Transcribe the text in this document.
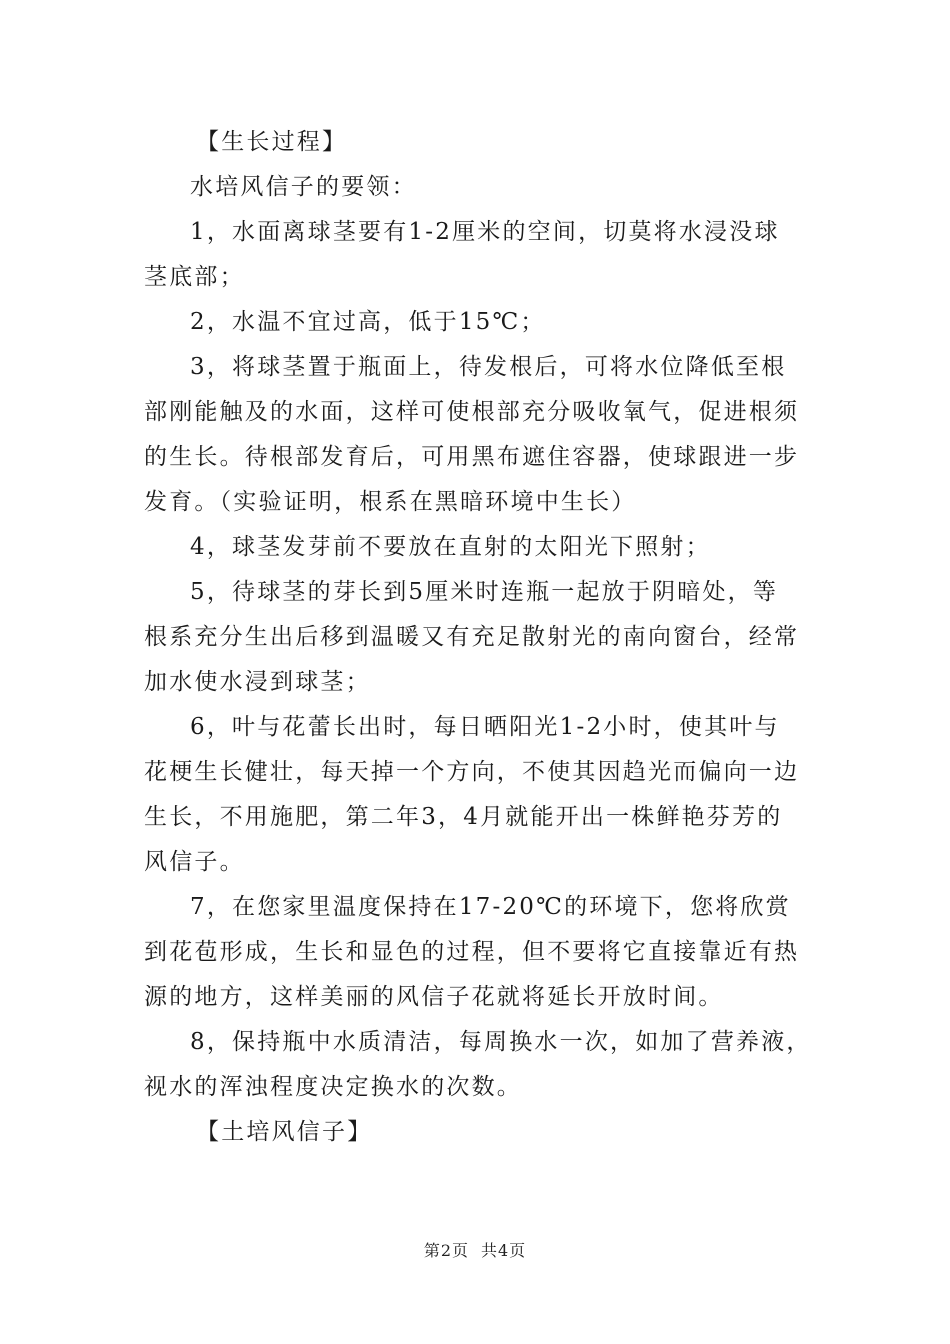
【生长过程】
水培风信子的要领：
1，水面离球茎要有1-2厘米的空间，切莫将水浸没球
茎底部；
2，水温不宜过高，低于15℃；
3，将球茎置于瓶面上，待发根后，可将水位降低至根
部刚能触及的水面，这样可使根部充分吸收氧气，促进根须
的生长。待根部发育后，可用黑布遮住容器，使球跟进一步
发育。（实验证明，根系在黑暗环境中生长）
4，球茎发芽前不要放在直射的太阳光下照射；
5，待球茎的芽长到5厘米时连瓶一起放于阴暗处，等
根系充分生出后移到温暖又有充足散射光的南向窗台，经常
加水使水浸到球茎；
6，叶与花蕾长出时，每日晒阳光1-2小时，使其叶与
花梗生长健壮，每天掉一个方向，不使其因趋光而偏向一边
生长，不用施肥，第二年3，4月就能开出一株鲜艳芬芳的
风信子。
7，在您家里温度保持在17-20℃的环境下，您将欣赏
到花苞形成，生长和显色的过程，但不要将它直接靠近有热
源的地方，这样美丽的风信子花就将延长开放时间。
8，保持瓶中水质清洁，每周换水一次，如加了营养液，
视水的浑浊程度决定换水的次数。
【土培风信子】
第2页 共4页
